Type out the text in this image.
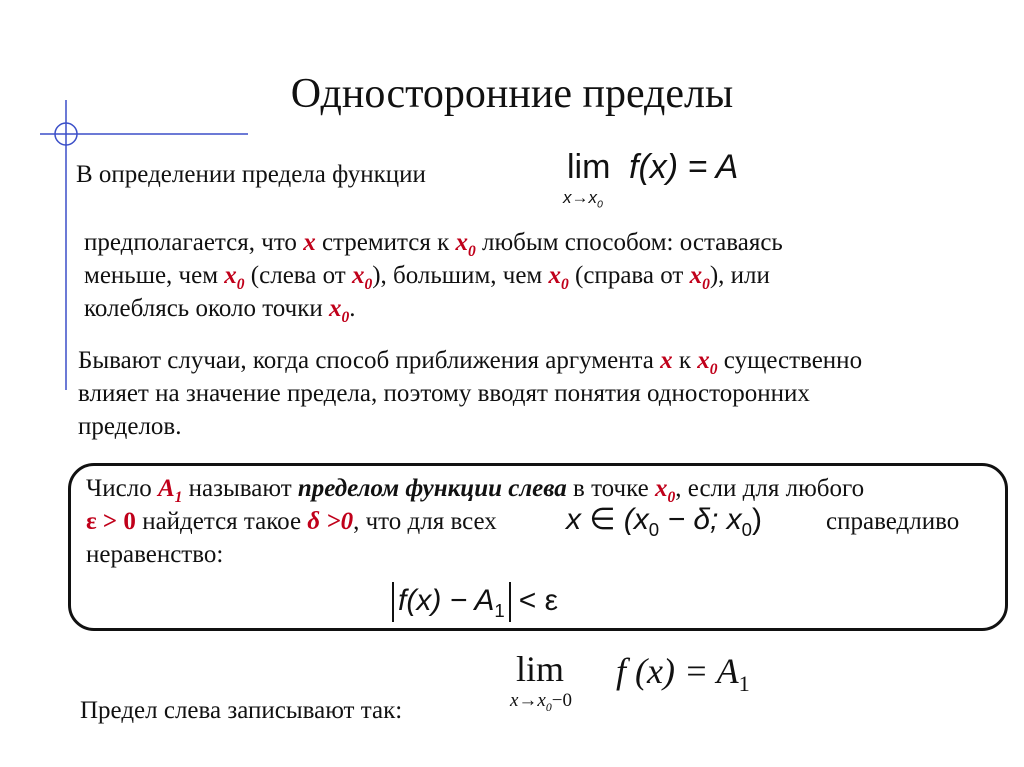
Односторонние пределы
В определении предела функции	lim
$x\to x_0$
f(x) = A
предполагается, что x стремится к $x_0$ любым способом: оставаясь
меньше, чем $x_0$ (слева от $x_0$), большим, чем $x_0$ (справа от $x_0$), или
колеблясь около точки $x_0$.
Бывают случаи, когда способ приближения аргумента x к $x_0$ существенно
влияет на значение предела, поэтому вводят понятия односторонних
пределов.
Число $A_1$ называют пределом функции слева в точке $x_0$, если для любого
ε > 0 найдется такое δ >0, что для всех
неравенство:
x ∈ ($x_0 - \delta$; $x_0$)	справедливо
$f(x) - A_1 < \varepsilon$
lim
$x\to x_0-0$
f $(x) = A_1$
Предел слева записывают так:
